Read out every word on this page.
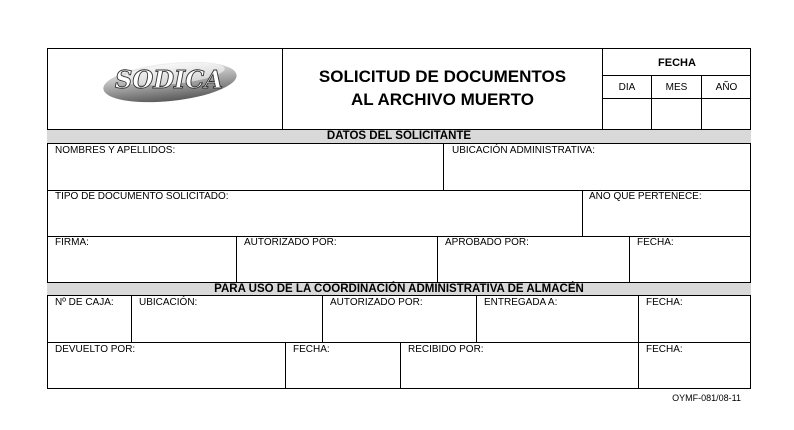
SODICA	SOLICITUD DE DOCUMENTOS
AL ARCHIVO MUERTO
FECHA
DIA	MES	AÑO
DATOS DEL SOLICITANTE
NOMBRES Y APELLIDOS:	UBICACIÓN ADMINISTRATIVA:
TIPO DE DOCUMENTO SOLICITADO:	AÑO QUE PERTENECE:
FIRMA:	AUTORIZADO POR:	APROBADO POR:	FECHA:
PARA USO DE LA COORDINACIÓN ADMINISTRATIVA DE ALMACÉN
Nº DE CAJA:	UBICACIÓN:	AUTORIZADO POR:	ENTREGADA A:	FECHA:
DEVUELTO POR:	FECHA:	RECIBIDO POR:	FECHA:
OYMF-081/08-11
